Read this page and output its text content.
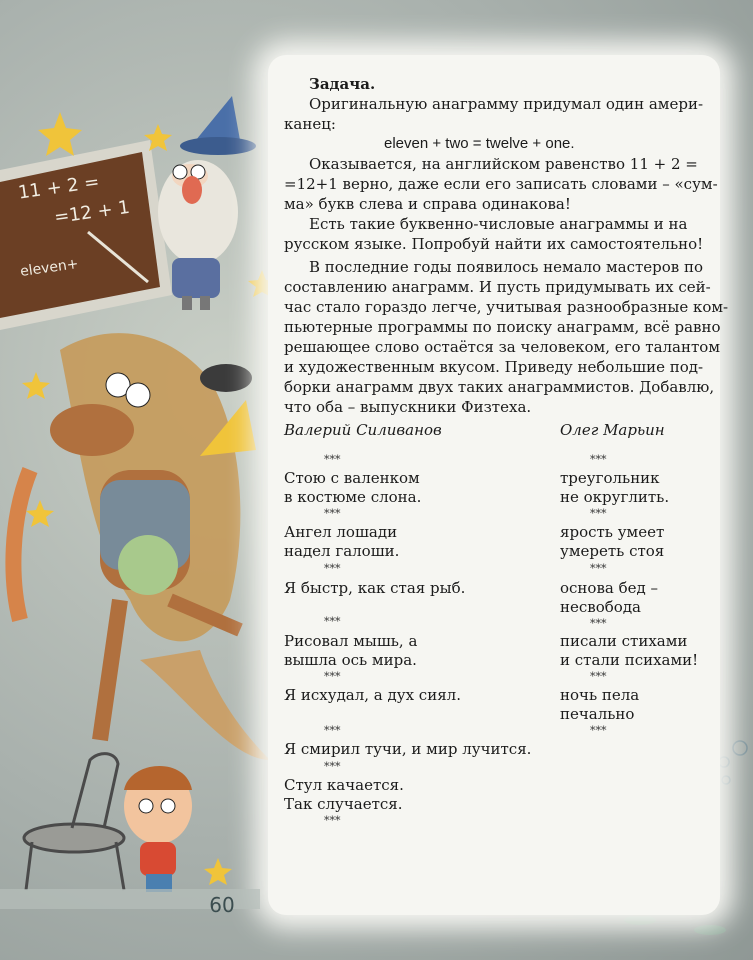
11 + 2 =
=12 + 1
eleven+
Задача.
Оригинальную анаграмму придумал один амери-
канец:
eleven + two = twelve + one.
Оказывается, на английском равенство 11 + 2 =
=12+1 верно, даже если его записать словами – «сум-
ма» букв слева и справа одинакова!
Есть такие буквенно-числовые анаграммы и на
русском языке. Попробуй найти их самостоятельно!
В последние годы появилось немало мастеров по
составлению анаграмм. И пусть придумывать их сей-
час стало гораздо легче, учитывая разнообразные ком-
пьютерные программы по поиску анаграмм, всё равно
решающее слово остаётся за человеком, его талантом
и художественным вкусом. Приведу небольшие под-
борки анаграмм двух таких анаграммистов. Добавлю,
что оба – выпускники Физтеха.
Валерий Силиванов	Олег Марьин
***
Стою с валенком
в костюме слона.
***
Ангел лошади
надел галоши.
***
Я быстр, как стая рыб.
***
Рисовал мышь, а
вышла ось мира.
***
Я исхудал, а дух сиял.
***
Я смирил тучи, и мир лучится.
***
Стул качается.
Так случается.
***
***
треугольник
не округлить.
***
ярость умеет
умереть стоя
***
основа бед –
несвобода
***
писали стихами
и стали психами!
***
ночь пела
печально
***
60
